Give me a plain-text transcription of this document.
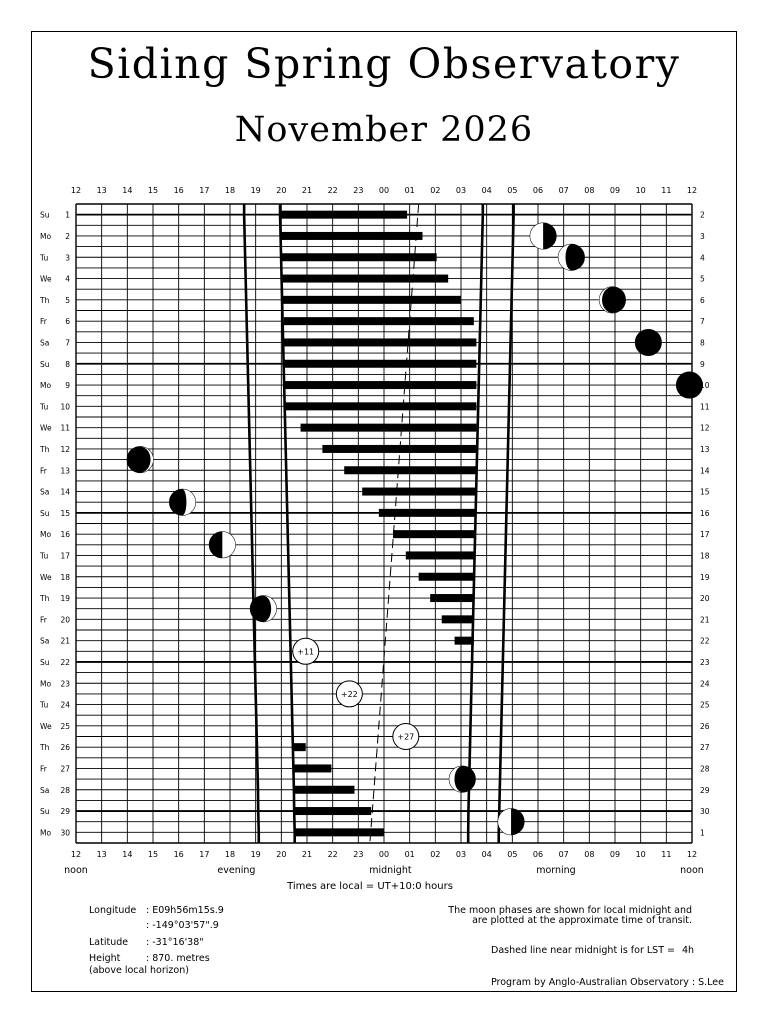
Siding Spring Observatory
November 2026
-1
+11
+22
+27
+25
12
12
13
13
14
14
15
15
16
16
17
17
18
18
19
19
20
20
21
21
22
22
23
23
00
00
01
01
02
02
03
03
04
04
05
05
06
06
07
07
08
08
09
09
10
10
11
11
12
12
Su 1	2
Mo 2	3
Tu 3	4
We 4	5
Th 5	6
Fr 6	7
Sa 7	8
Su 8	9
Mo 9	10
Tu 10	11
We 11	12
Th 12	13
Fr 13	14
Sa 14	15
Su 15	16
Mo 16	17
Tu 17	18
We 18	19
Th 19	20
Fr 20	21
Sa 21	22
Su 22	23
Mo 23	24
Tu 24	25
We 25	26
Th 26	27
Fr 27	28
Sa 28	29
Su 29	30
Mo 30	1
noon	evening	midnight	morning	noon
Times are local = UT+10:0 hours
Longitude : E09h56m15s.9
: -149°03'57".9
Latitude : -31°16'38"
Height	: 870. metres
(above local horizon)
The moon phases are shown for local midnight and
are plotted at the approximate time of transit.
Dashed line near midnight is for LST = 4h
Program by Anglo-Australian Observatory : S.Lee
